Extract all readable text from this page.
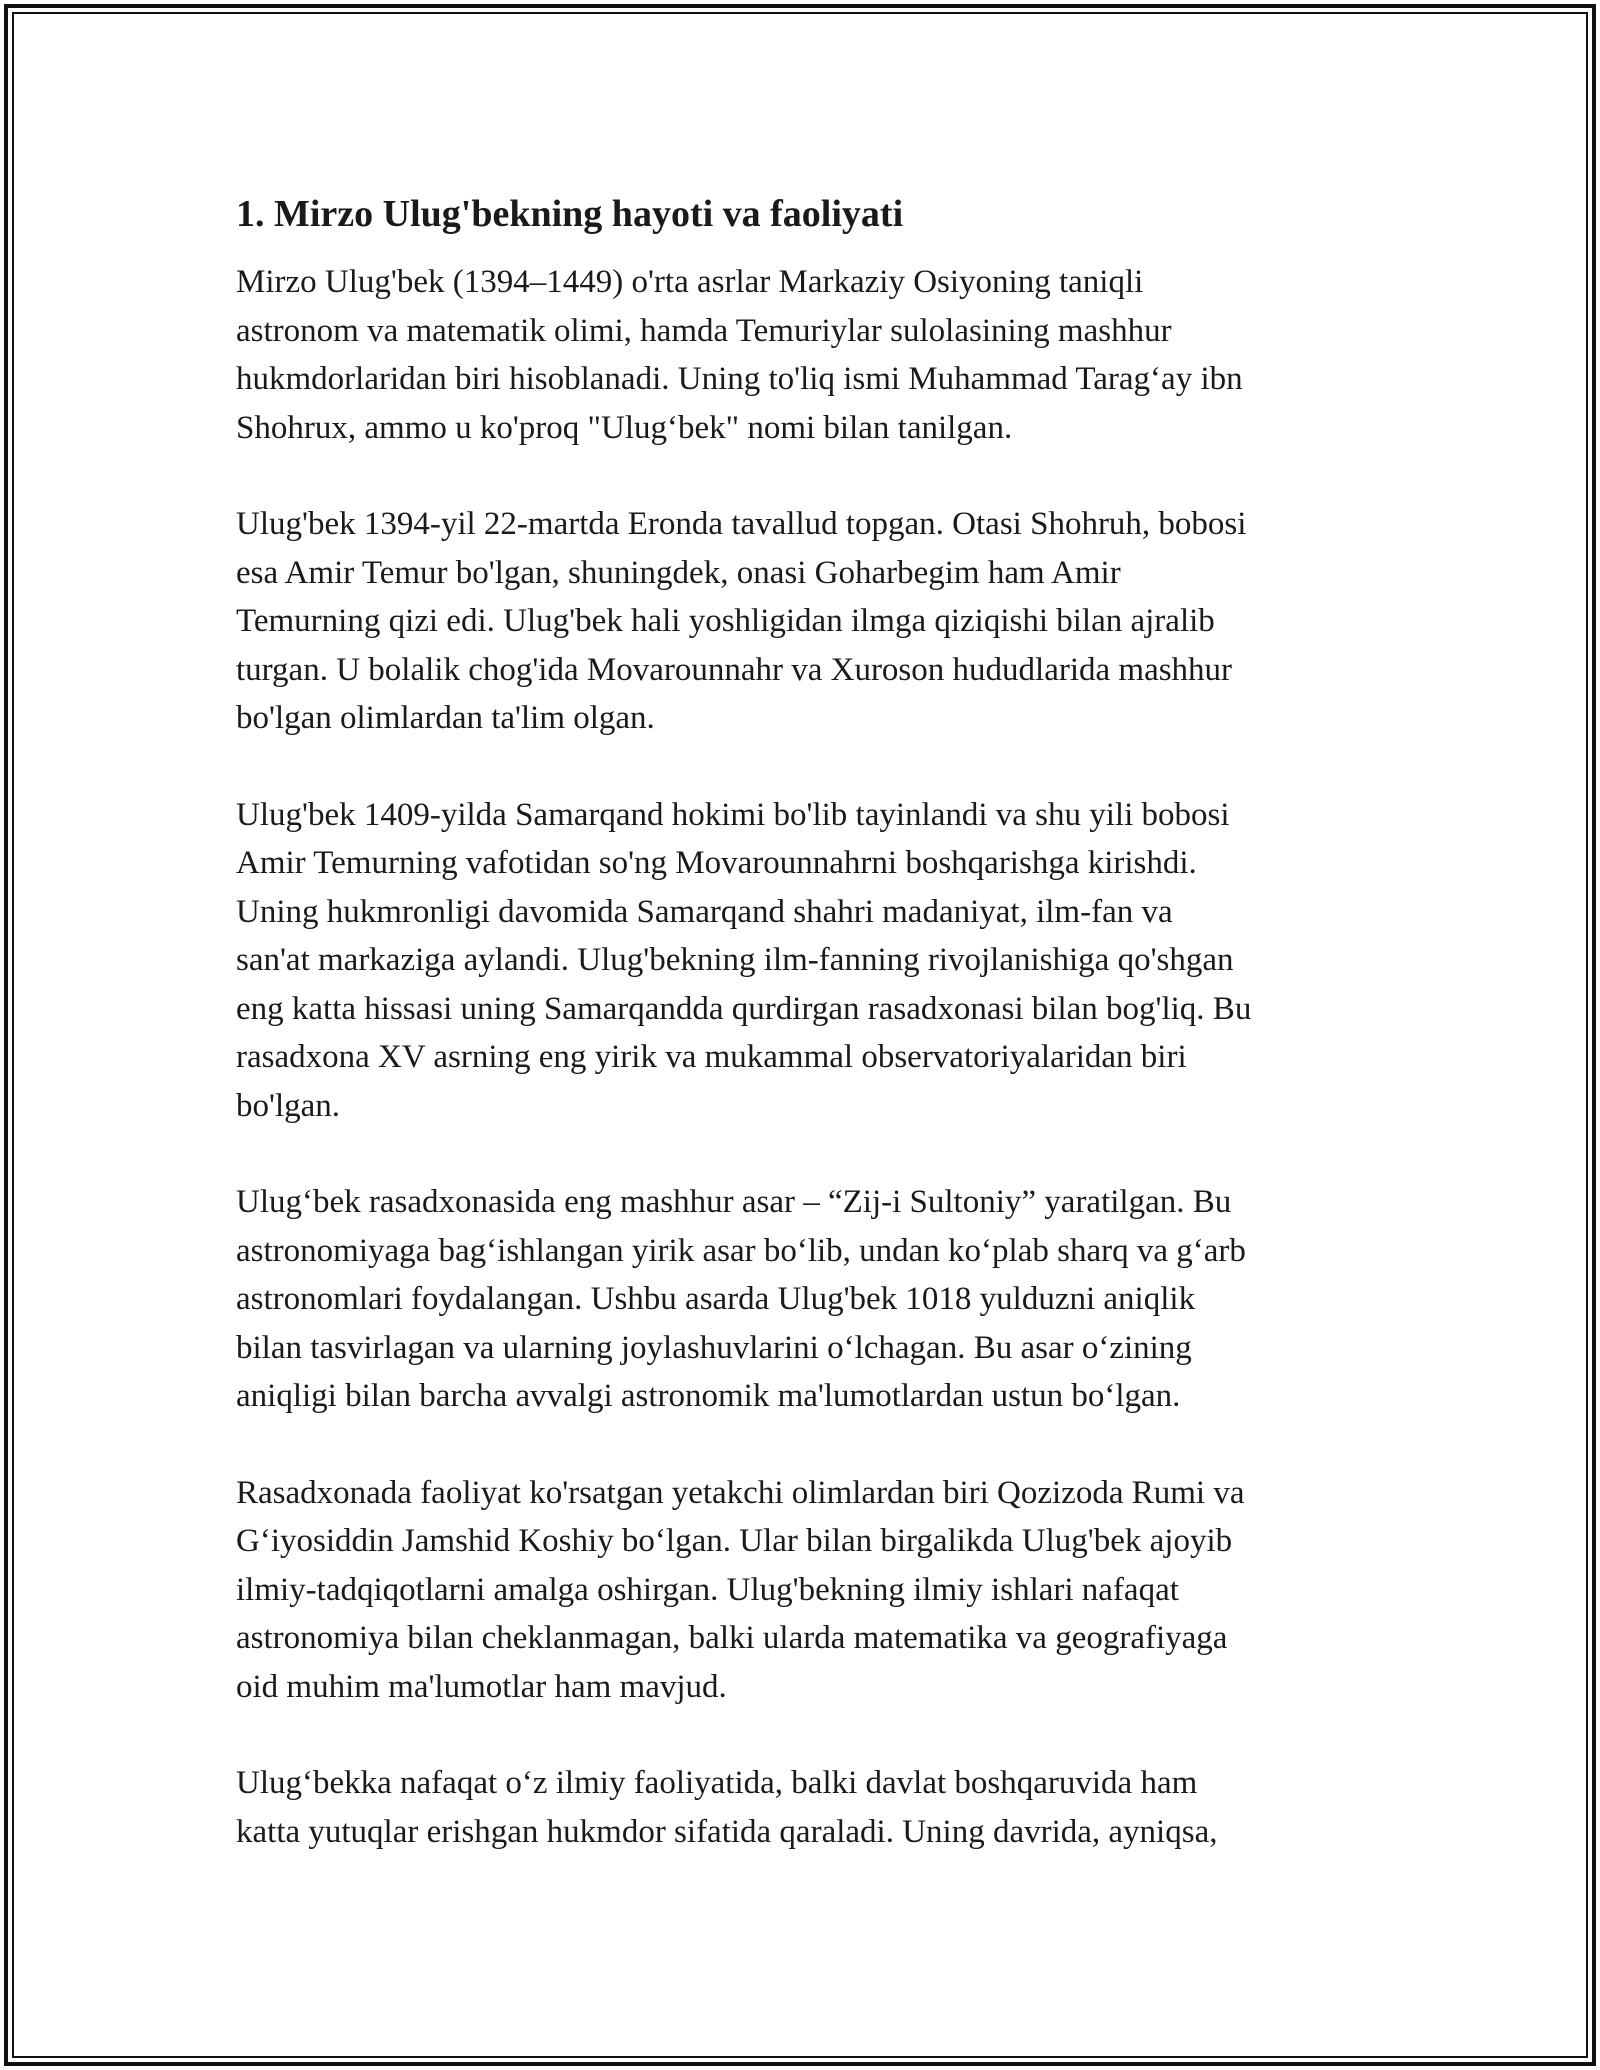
1. Mirzo Ulug'bekning hayoti va faoliyati

Mirzo Ulug'bek (1394–1449) o'rta asrlar Markaziy Osiyoning taniqli
astronom va matematik olimi, hamda Temuriylar sulolasining mashhur
hukmdorlaridan biri hisoblanadi. Uning to'liq ismi Muhammad Tarag‘ay ibn
Shohrux, ammo u ko'proq "Ulug‘bek" nomi bilan tanilgan.

Ulug'bek 1394-yil 22-martda Eronda tavallud topgan. Otasi Shohruh, bobosi
esa Amir Temur bo'lgan, shuningdek, onasi Goharbegim ham Amir
Temurning qizi edi. Ulug'bek hali yoshligidan ilmga qiziqishi bilan ajralib
turgan. U bolalik chog'ida Movarounnahr va Xuroson hududlarida mashhur
bo'lgan olimlardan ta'lim olgan.

Ulug'bek 1409-yilda Samarqand hokimi bo'lib tayinlandi va shu yili bobosi
Amir Temurning vafotidan so'ng Movarounnahrni boshqarishga kirishdi.
Uning hukmronligi davomida Samarqand shahri madaniyat, ilm-fan va
san'at markaziga aylandi. Ulug'bekning ilm-fanning rivojlanishiga qo'shgan
eng katta hissasi uning Samarqandda qurdirgan rasadxonasi bilan bog'liq. Bu
rasadxona XV asrning eng yirik va mukammal observatoriyalaridan biri
bo'lgan.

Ulug‘bek rasadxonasida eng mashhur asar – “Zij-i Sultoniy” yaratilgan. Bu
astronomiyaga bag‘ishlangan yirik asar bo‘lib, undan ko‘plab sharq va g‘arb
astronomlari foydalangan. Ushbu asarda Ulug'bek 1018 yulduzni aniqlik
bilan tasvirlagan va ularning joylashuvlarini o‘lchagan. Bu asar o‘zining
aniqligi bilan barcha avvalgi astronomik ma'lumotlardan ustun bo‘lgan.

Rasadxonada faoliyat ko'rsatgan yetakchi olimlardan biri Qozizoda Rumi va
G‘iyosiddin Jamshid Koshiy bo‘lgan. Ular bilan birgalikda Ulug'bek ajoyib
ilmiy-tadqiqotlarni amalga oshirgan. Ulug'bekning ilmiy ishlari nafaqat
astronomiya bilan cheklanmagan, balki ularda matematika va geografiyaga
oid muhim ma'lumotlar ham mavjud.

Ulug‘bekka nafaqat o‘z ilmiy faoliyatida, balki davlat boshqaruvida ham
katta yutuqlar erishgan hukmdor sifatida qaraladi. Uning davrida, ayniqsa,
